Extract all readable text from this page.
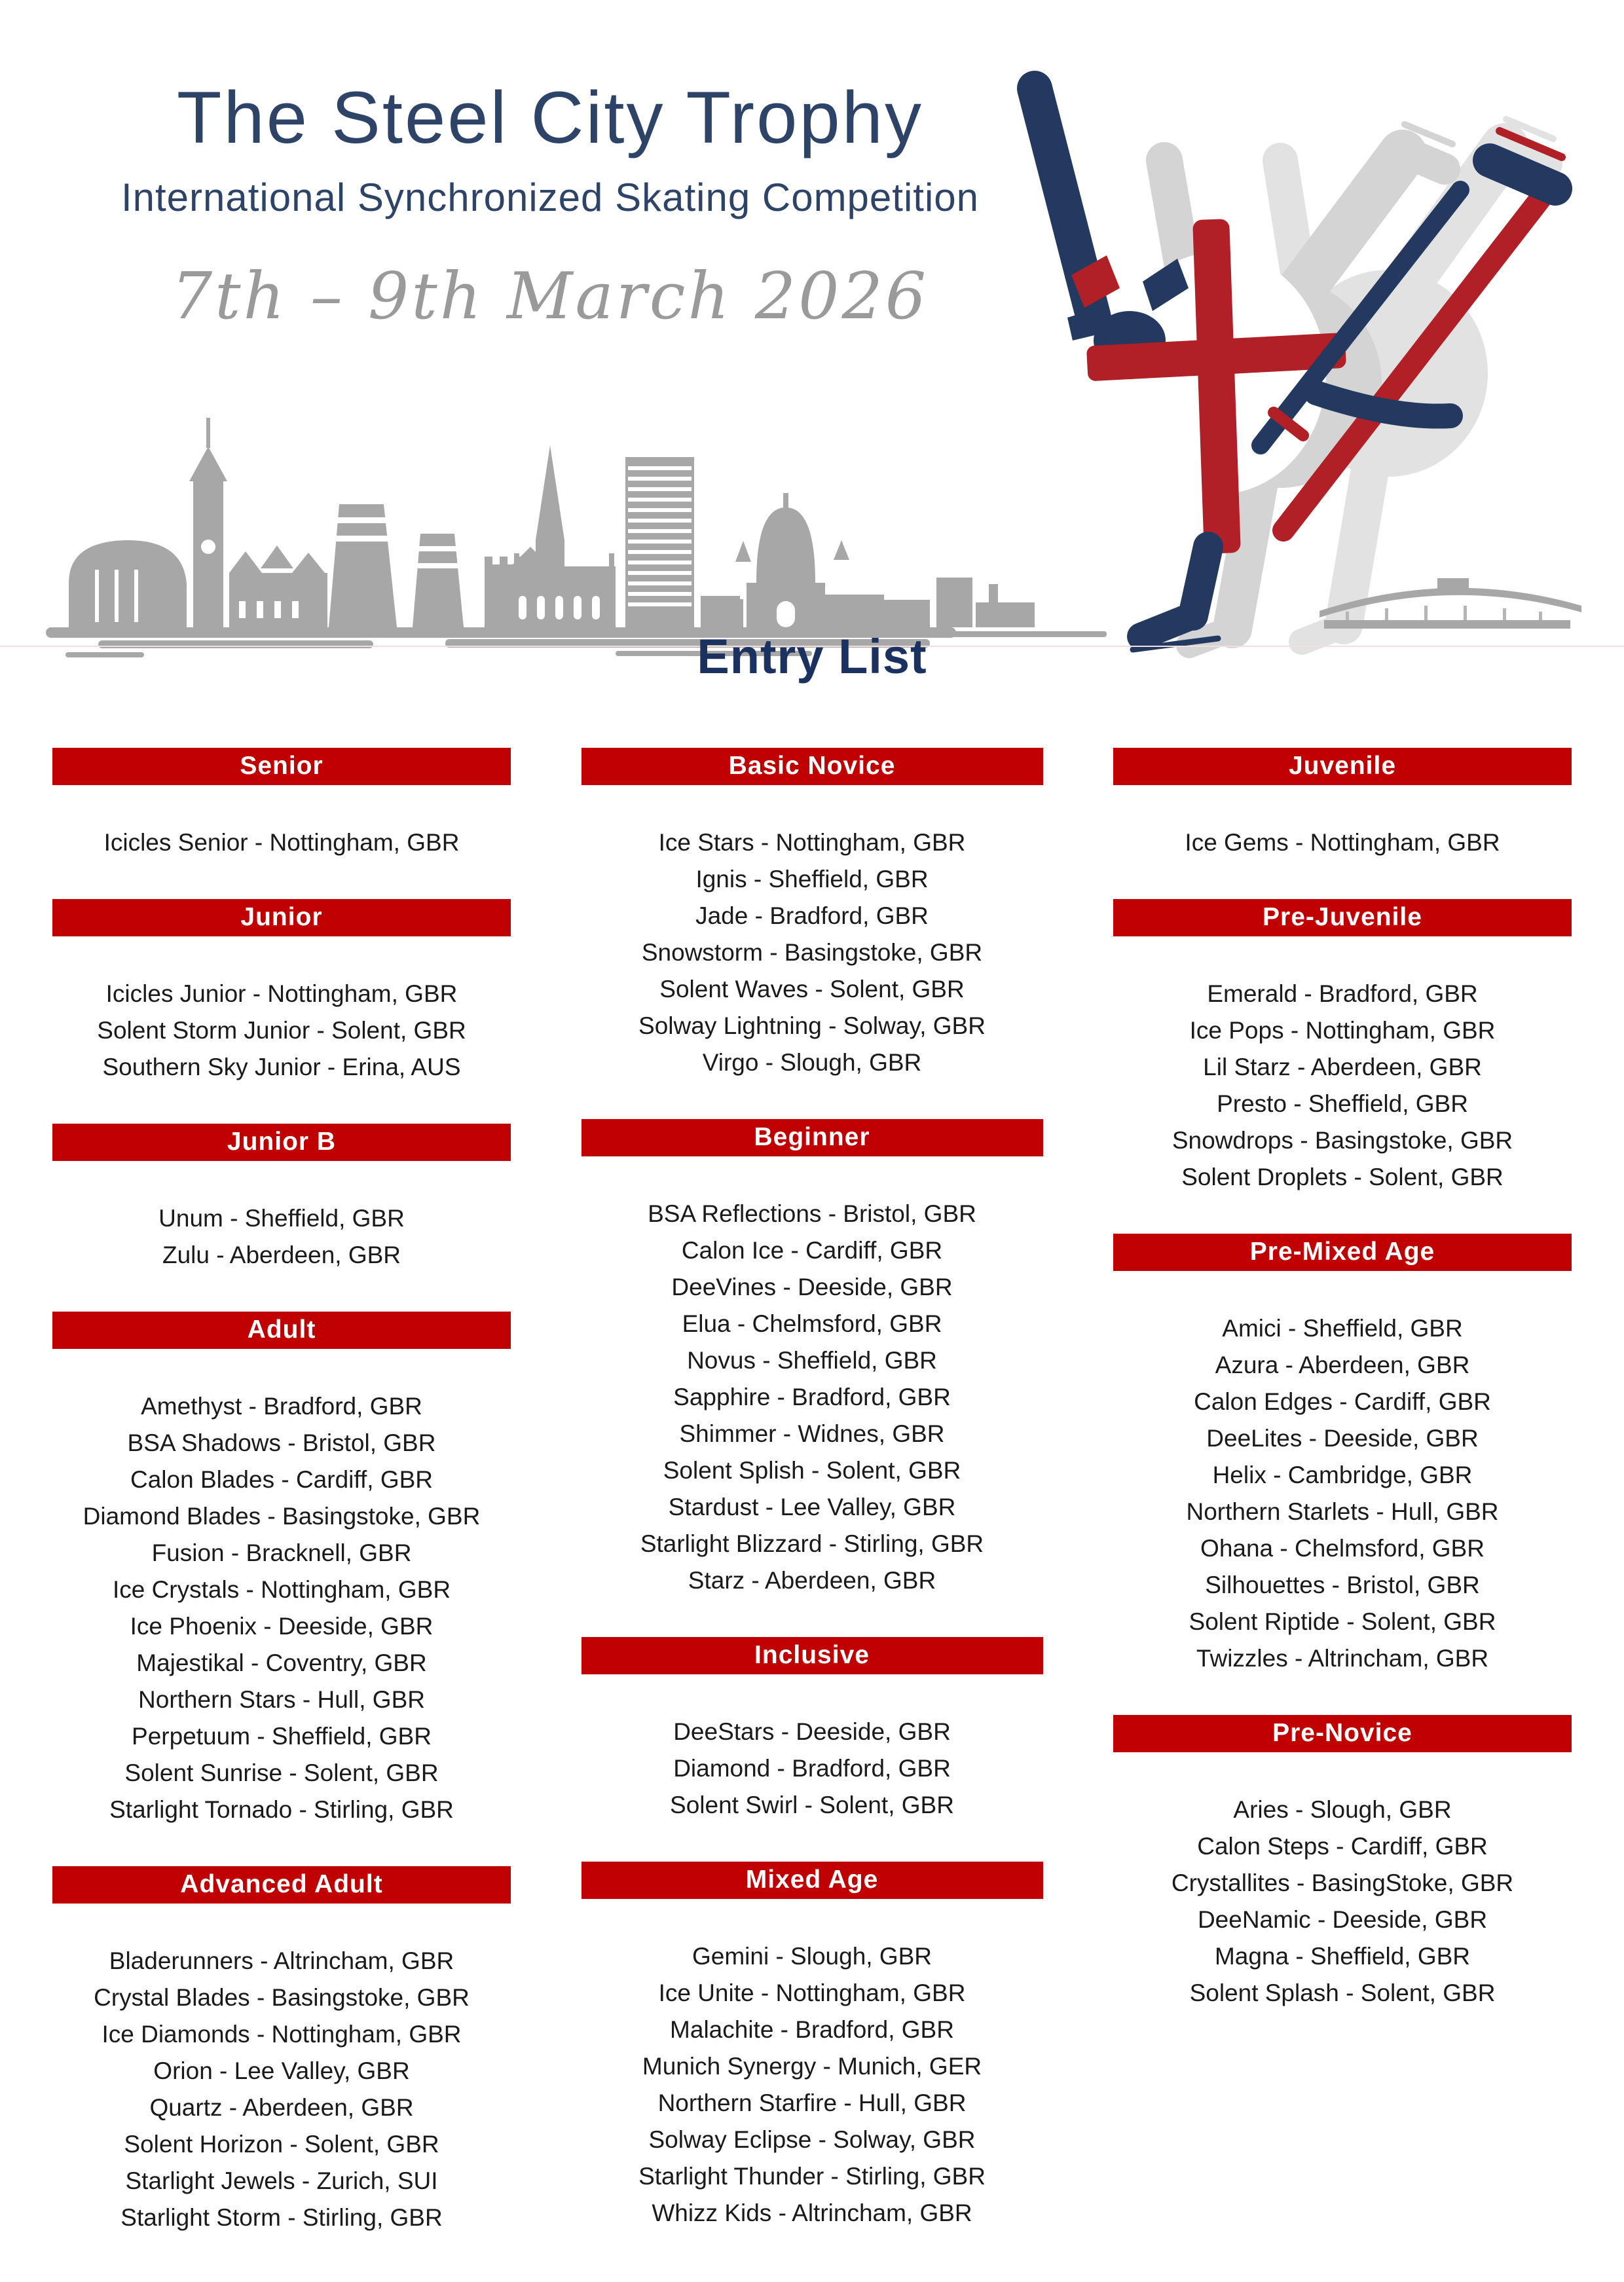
The Steel City Trophy
International Synchronized Skating Competition
7th – 9th March 2026
Entry List
Senior
Icicles Senior - Nottingham, GBR
Junior
Icicles Junior - Nottingham, GBR
Solent Storm Junior - Solent, GBR
Southern Sky Junior - Erina, AUS
Junior B
Unum - Sheffield, GBR
Zulu - Aberdeen, GBR
Adult
Amethyst - Bradford, GBR
BSA Shadows - Bristol, GBR
Calon Blades - Cardiff, GBR
Diamond Blades - Basingstoke, GBR
Fusion - Bracknell, GBR
Ice Crystals - Nottingham, GBR
Ice Phoenix - Deeside, GBR
Majestikal - Coventry, GBR
Northern Stars - Hull, GBR
Perpetuum - Sheffield, GBR
Solent Sunrise - Solent, GBR
Starlight Tornado - Stirling, GBR
Advanced Adult
Bladerunners - Altrincham, GBR
Crystal Blades - Basingstoke, GBR
Ice Diamonds - Nottingham, GBR
Orion - Lee Valley, GBR
Quartz - Aberdeen, GBR
Solent Horizon - Solent, GBR
Starlight Jewels - Zurich, SUI
Starlight Storm - Stirling, GBR
Basic Novice
Ice Stars - Nottingham, GBR
Ignis - Sheffield, GBR
Jade - Bradford, GBR
Snowstorm - Basingstoke, GBR
Solent Waves - Solent, GBR
Solway Lightning - Solway, GBR
Virgo - Slough, GBR
Beginner
BSA Reflections - Bristol, GBR
Calon Ice - Cardiff, GBR
DeeVines - Deeside, GBR
Elua - Chelmsford, GBR
Novus - Sheffield, GBR
Sapphire - Bradford, GBR
Shimmer - Widnes, GBR
Solent Splish - Solent, GBR
Stardust - Lee Valley, GBR
Starlight Blizzard - Stirling, GBR
Starz - Aberdeen, GBR
Inclusive
DeeStars - Deeside, GBR
Diamond - Bradford, GBR
Solent Swirl - Solent, GBR
Mixed Age
Gemini - Slough, GBR
Ice Unite - Nottingham, GBR
Malachite - Bradford, GBR
Munich Synergy - Munich, GER
Northern Starfire - Hull, GBR
Solway Eclipse - Solway, GBR
Starlight Thunder - Stirling, GBR
Whizz Kids - Altrincham, GBR
Juvenile
Ice Gems - Nottingham, GBR
Pre-Juvenile
Emerald - Bradford, GBR
Ice Pops - Nottingham, GBR
Lil Starz - Aberdeen, GBR
Presto - Sheffield, GBR
Snowdrops - Basingstoke, GBR
Solent Droplets - Solent, GBR
Pre-Mixed Age
Amici - Sheffield, GBR
Azura - Aberdeen, GBR
Calon Edges - Cardiff, GBR
DeeLites - Deeside, GBR
Helix - Cambridge, GBR
Northern Starlets - Hull, GBR
Ohana - Chelmsford, GBR
Silhouettes - Bristol, GBR
Solent Riptide - Solent, GBR
Twizzles - Altrincham, GBR
Pre-Novice
Aries - Slough, GBR
Calon Steps - Cardiff, GBR
Crystallites - BasingStoke, GBR
DeeNamic - Deeside, GBR
Magna - Sheffield, GBR
Solent Splash - Solent, GBR
